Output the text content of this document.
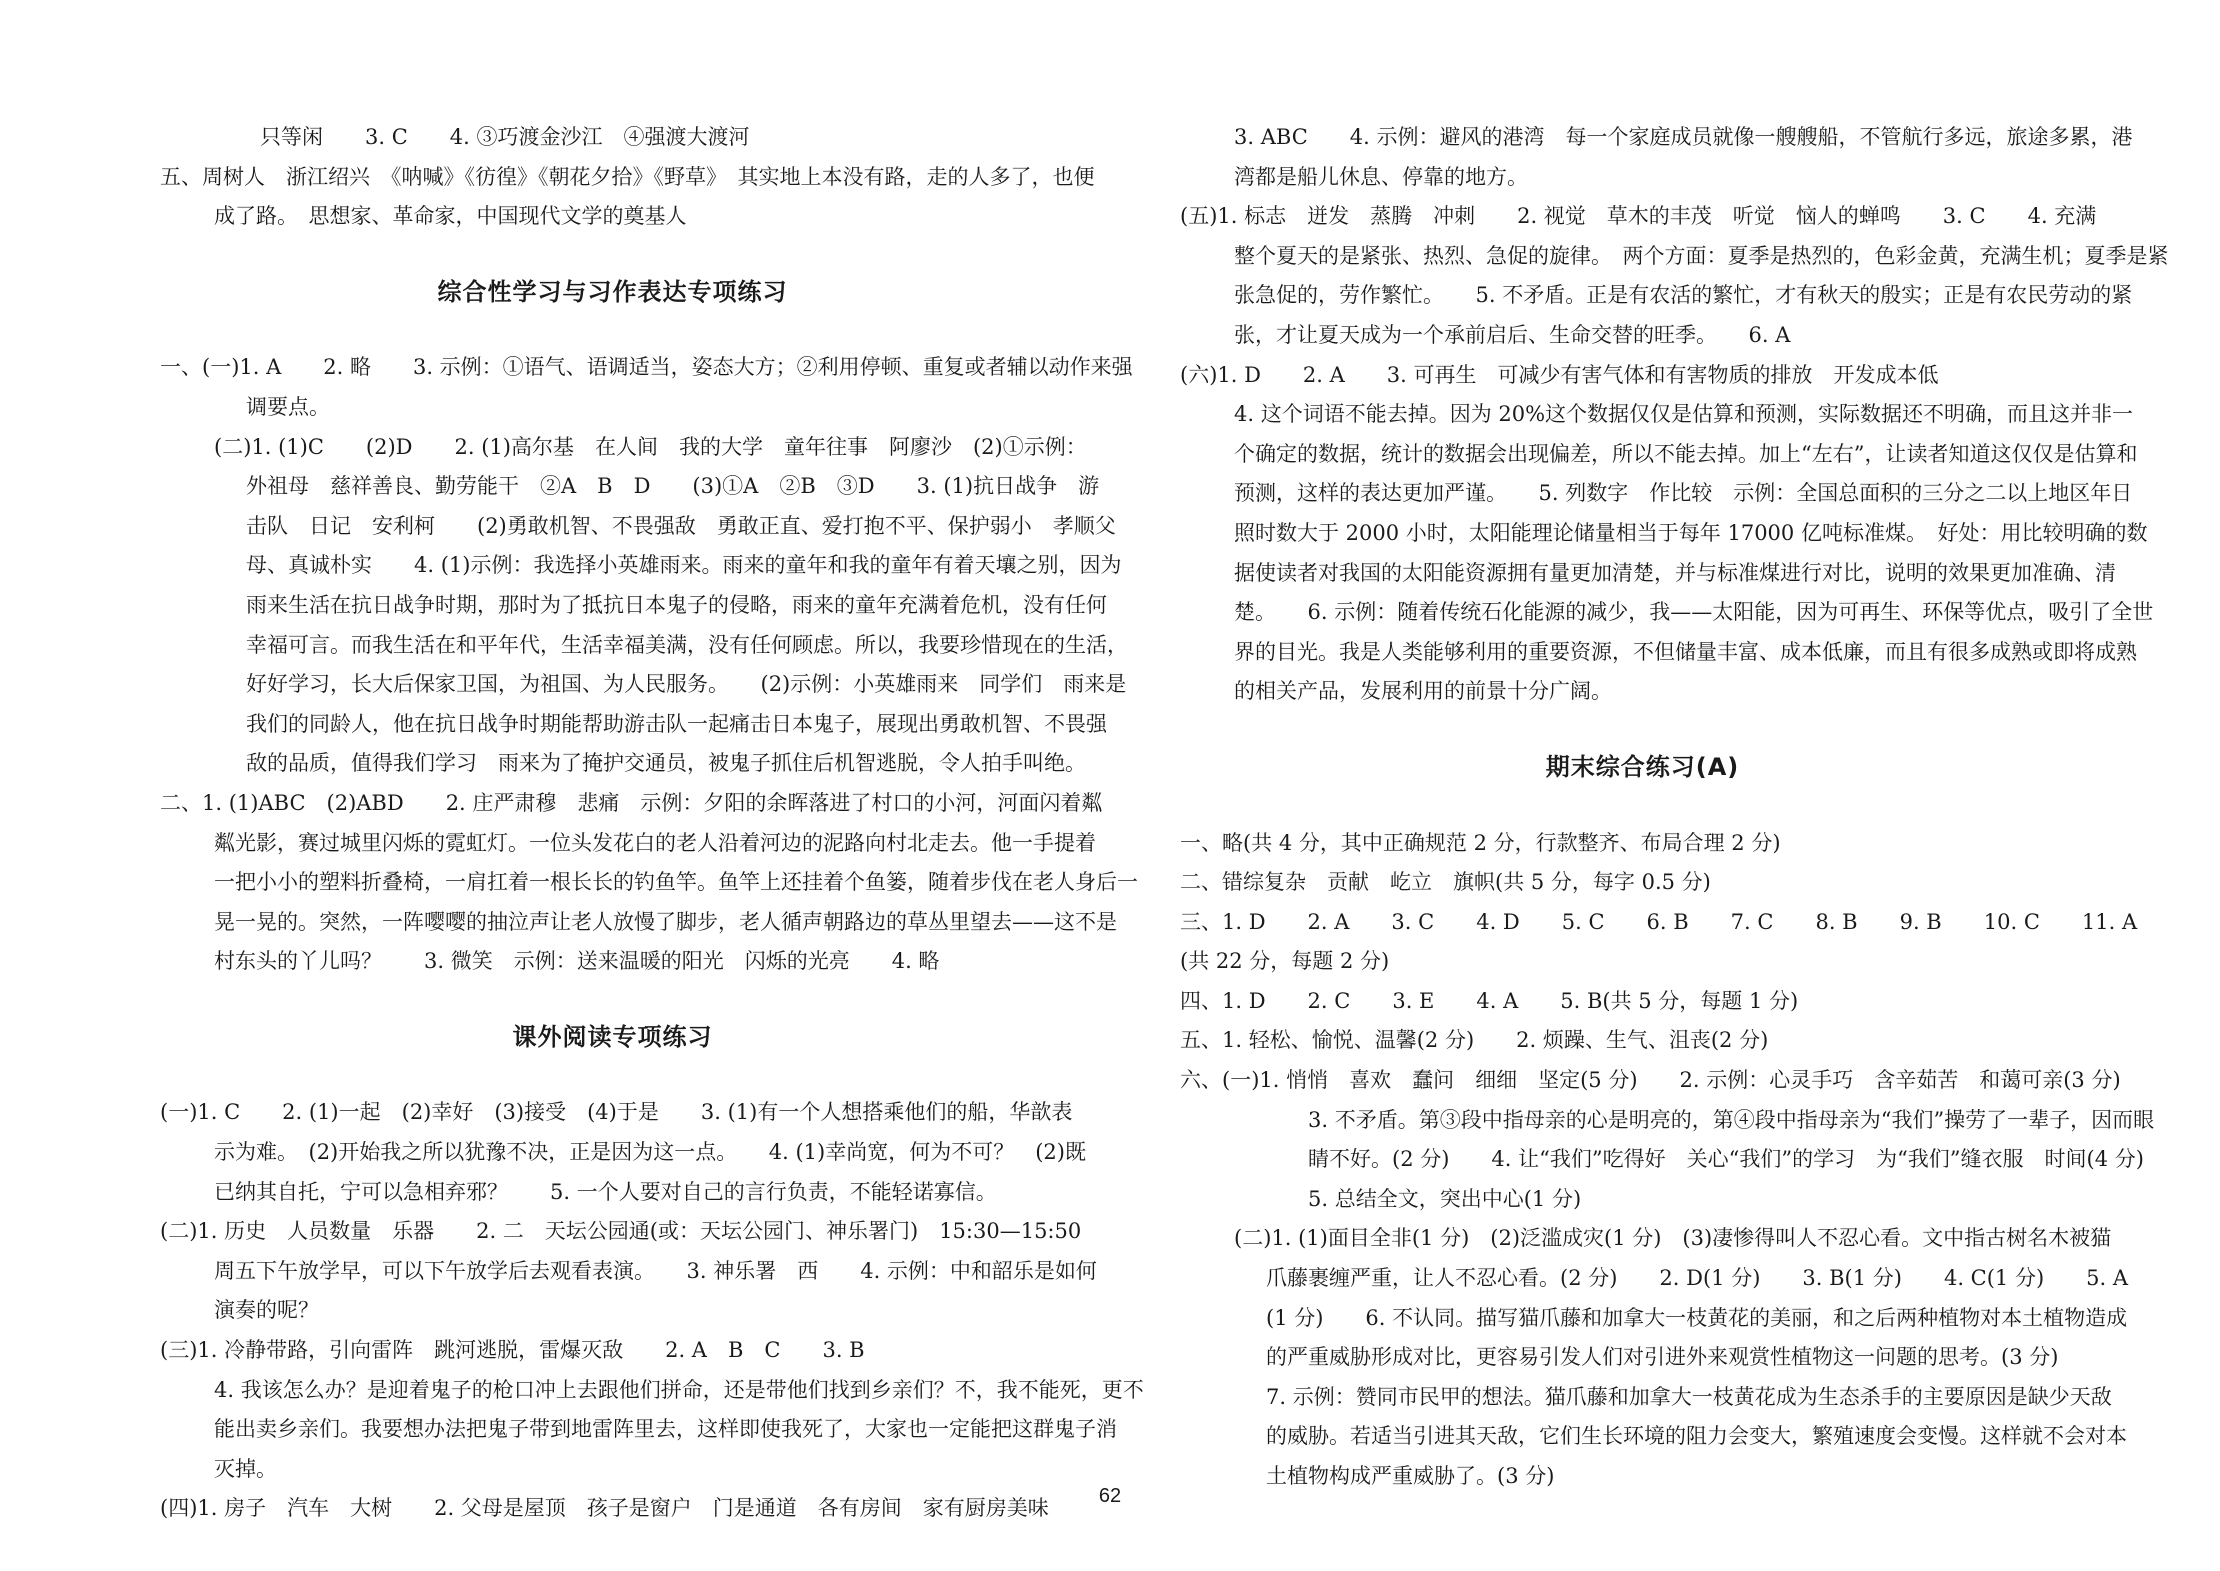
只等闲　　3. C　　4. ③巧渡金沙江　④强渡大渡河
五、周树人　浙江绍兴　《呐喊》《彷徨》《朝花夕拾》《野草》　其实地上本没有路，走的人多了，也便
成了路。　思想家、革命家，中国现代文学的奠基人
综合性学习与习作表达专项练习
一、(一)1. A　　2. 略　　3. 示例：①语气、语调适当，姿态大方；②利用停顿、重复或者辅以动作来强
调要点。
(二)1. (1)C　　(2)D　　2. (1)高尔基　在人间　我的大学　童年往事　阿廖沙　(2)①示例：
外祖母　慈祥善良、勤劳能干　②A　B　D　　(3)①A　②B　③D　　3. (1)抗日战争　游
击队　日记　安利柯　　(2)勇敢机智、不畏强敌　勇敢正直、爱打抱不平、保护弱小　孝顺父
母、真诚朴实　　4. (1)示例：我选择小英雄雨来。雨来的童年和我的童年有着天壤之别，因为
雨来生活在抗日战争时期，那时为了抵抗日本鬼子的侵略，雨来的童年充满着危机，没有任何
幸福可言。而我生活在和平年代，生活幸福美满，没有任何顾虑。所以，我要珍惜现在的生活，
好好学习，长大后保家卫国，为祖国、为人民服务。　　(2)示例：小英雄雨来　同学们　雨来是
我们的同龄人，他在抗日战争时期能帮助游击队一起痛击日本鬼子，展现出勇敢机智、不畏强
敌的品质，值得我们学习　雨来为了掩护交通员，被鬼子抓住后机智逃脱，令人拍手叫绝。
二、1. (1)ABC　(2)ABD　　2. 庄严肃穆　悲痛　示例：夕阳的余晖落进了村口的小河，河面闪着粼
粼光影，赛过城里闪烁的霓虹灯。一位头发花白的老人沿着河边的泥路向村北走去。他一手提着
一把小小的塑料折叠椅，一肩扛着一根长长的钓鱼竿。鱼竿上还挂着个鱼篓，随着步伐在老人身后一
晃一晃的。突然，一阵嘤嘤的抽泣声让老人放慢了脚步，老人循声朝路边的草丛里望去——这不是
村东头的丫儿吗？　　3. 微笑　示例：送来温暖的阳光　闪烁的光亮　　4. 略
课外阅读专项练习
(一)1. C　　2. (1)一起　(2)幸好　(3)接受　(4)于是　　3. (1)有一个人想搭乘他们的船，华歆表
示为难。　(2)开始我之所以犹豫不决，正是因为这一点。　　4. (1)幸尚宽，何为不可？　(2)既
已纳其自托，宁可以急相弃邪？　　5. 一个人要对自己的言行负责，不能轻诺寡信。
(二)1. 历史　人员数量　乐器　　2. 二　天坛公园通(或：天坛公园门、神乐署门)　15:30—15:50
周五下午放学早，可以下午放学后去观看表演。　　3. 神乐署　西　　4. 示例：中和韶乐是如何
演奏的呢？
(三)1. 冷静带路，引向雷阵　跳河逃脱，雷爆灭敌　　2. A　B　C　　3. B
4. 我该怎么办？是迎着鬼子的枪口冲上去跟他们拼命，还是带他们找到乡亲们？不，我不能死，更不
能出卖乡亲们。我要想办法把鬼子带到地雷阵里去，这样即使我死了，大家也一定能把这群鬼子消
灭掉。
(四)1. 房子　汽车　大树　　2. 父母是屋顶　孩子是窗户　门是通道　各有房间　家有厨房美味
3. ABC　　4. 示例：避风的港湾　每一个家庭成员就像一艘艘船，不管航行多远，旅途多累，港
湾都是船儿休息、停靠的地方。
(五)1. 标志　迸发　蒸腾　冲刺　　2. 视觉　草木的丰茂　听觉　恼人的蝉鸣　　3. C　　4. 充满
整个夏天的是紧张、热烈、急促的旋律。　两个方面：夏季是热烈的，色彩金黄，充满生机；夏季是紧
张急促的，劳作繁忙。　　5. 不矛盾。正是有农活的繁忙，才有秋天的殷实；正是有农民劳动的紧
张，才让夏天成为一个承前启后、生命交替的旺季。　　6. A
(六)1. D　　2. A　　3. 可再生　可减少有害气体和有害物质的排放　开发成本低
4. 这个词语不能去掉。因为 20%这个数据仅仅是估算和预测，实际数据还不明确，而且这并非一
个确定的数据，统计的数据会出现偏差，所以不能去掉。加上“左右”，让读者知道这仅仅是估算和
预测，这样的表达更加严谨。　　5. 列数字　作比较　示例：全国总面积的三分之二以上地区年日
照时数大于 2000 小时，太阳能理论储量相当于每年 17000 亿吨标准煤。　好处：用比较明确的数
据使读者对我国的太阳能资源拥有量更加清楚，并与标准煤进行对比，说明的效果更加准确、清
楚。　　6. 示例：随着传统石化能源的减少，我——太阳能，因为可再生、环保等优点，吸引了全世
界的目光。我是人类能够利用的重要资源，不但储量丰富、成本低廉，而且有很多成熟或即将成熟
的相关产品，发展利用的前景十分广阔。
期末综合练习(A)
一、略(共 4 分，其中正确规范 2 分，行款整齐、布局合理 2 分)
二、错综复杂　贡献　屹立　旗帜(共 5 分，每字 0.5 分)
三、1. D　　2. A　　3. C　　4. D　　5. C　　6. B　　7. C　　8. B　　9. B　　10. C　　11. A
(共 22 分，每题 2 分)
四、1. D　　2. C　　3. E　　4. A　　5. B(共 5 分，每题 1 分)
五、1. 轻松、愉悦、温馨(2 分)　　2. 烦躁、生气、沮丧(2 分)
六、(一)1. 悄悄　喜欢　蠢问　细细　坚定(5 分)　　2. 示例：心灵手巧　含辛茹苦　和蔼可亲(3 分)
3. 不矛盾。第③段中指母亲的心是明亮的，第④段中指母亲为“我们”操劳了一辈子，因而眼
睛不好。(2 分)　　4. 让“我们”吃得好　关心“我们”的学习　为“我们”缝衣服　时间(4 分)
5. 总结全文，突出中心(1 分)
(二)1. (1)面目全非(1 分)　(2)泛滥成灾(1 分)　(3)凄惨得叫人不忍心看。文中指古树名木被猫
爪藤裹缠严重，让人不忍心看。(2 分)　　2. D(1 分)　　3. B(1 分)　　4. C(1 分)　　5. A
(1 分)　　6. 不认同。描写猫爪藤和加拿大一枝黄花的美丽，和之后两种植物对本土植物造成
的严重威胁形成对比，更容易引发人们对引进外来观赏性植物这一问题的思考。(3 分)
7. 示例：赞同市民甲的想法。猫爪藤和加拿大一枝黄花成为生态杀手的主要原因是缺少天敌
的威胁。若适当引进其天敌，它们生长环境的阻力会变大，繁殖速度会变慢。这样就不会对本
土植物构成严重威胁了。(3 分)
62
